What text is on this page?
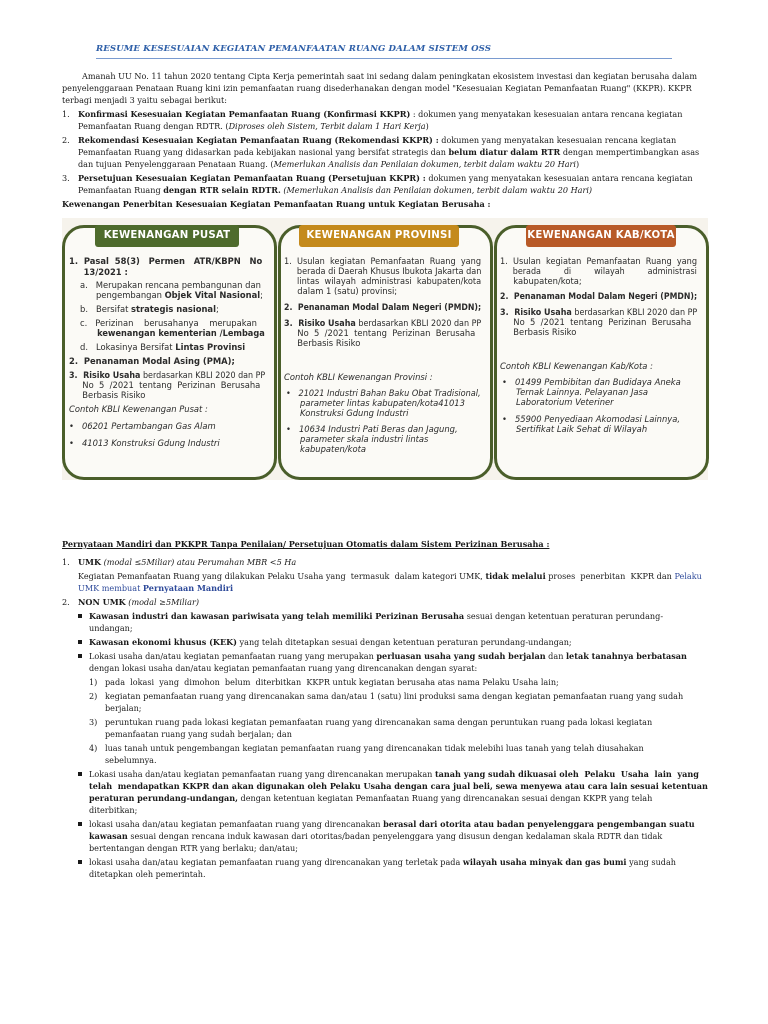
RESUME KESESUAIAN KEGIATAN PEMANFAATAN RUANG DALAM SISTEM OSS
Amanah UU No. 11 tahun 2020 tentang Cipta Kerja pemerintah saat ini sedang dalam peningkatan ekosistem investasi dan kegiatan berusaha dalam
penyelenggaraan Penataan Ruang kini izin pemanfaatan ruang disederhanakan dengan model "Kesesuaian Kegiatan Pemanfaatan Ruang" (KKPR). KKPR
terbagi menjadi 3 yaitu sebagai berikut:
1. Konfirmasi Kesesuaian Kegiatan Pemanfaatan Ruang (Konfirmasi KKPR) : dokumen yang menyatakan kesesuaian antara rencana kegiatan
Pemanfaatan Ruang dengan RDTR. (Diproses oleh Sistem, Terbit dalam 1 Hari Kerja)
2. Rekomendasi Kesesuaian Kegiatan Pemanfaatan Ruang (Rekomendasi KKPR) : dokumen yang menyatakan kesesuaian rencana kegiatan
Pemanfaatan Ruang yang didasarkan pada kebijakan nasional yang bersifat strategis dan belum diatur dalam RTR dengan mempertimbangkan asas
dan tujuan Penyelenggaraan Penataan Ruang. (Memerlukan Analisis dan Penilaian dokumen, terbit dalam waktu 20 Hari)
3. Persetujuan Kesesuaian Kegiatan Pemanfaatan Ruang (Persetujuan KKPR) : dokumen yang menyatakan kesesuaian antara rencana kegiatan
Pemanfaatan Ruang dengan RTR selain RDTR. (Memerlukan Analisis dan Penilaian dokumen, terbit dalam waktu 20 Hari)
Kewenangan Penerbitan Kesesuaian Kegiatan Pemanfaatan Ruang untuk Kegiatan Berusaha :
KEWENANGAN PUSAT
1.  Pasal  58(3)   Permen   ATR/KBPN   No
13/2021 :
a.   Merupakan rencana pembangunan dan
pengembangan Objek Vital Nasional;
b.   Bersifat strategis nasional;
c.   Perizinan    berusahanya    merupakan
kewenangan kementerian /Lembaga
d.   Lokasinya Bersifat Lintas Provinsi
2.  Penanaman Modal Asing (PMA);
3.  Risiko Usaha berdasarkan KBLI 2020 dan PP
No  5  /2021  tentang  Perizinan  Berusaha
Berbasis Risiko
Contoh KBLI Kewenangan Pusat :
•   06201 Pertambangan Gas Alam
•   41013 Konstruksi Gdung Industri
KEWENANGAN PROVINSI
1.  Usulan  kegiatan  Pemanfaatan  Ruang  yang
berada di Daerah Khusus Ibukota Jakarta dan
lintas  wilayah  administrasi  kabupaten/kota
dalam 1 (satu) provinsi;
2.  Penanaman Modal Dalam Negeri (PMDN);
3.  Risiko Usaha berdasarkan KBLI 2020 dan PP
No  5  /2021  tentang  Perizinan  Berusaha
Berbasis Risiko
Contoh KBLI Kewenangan Provinsi :
•   21021 Industri Bahan Baku Obat Tradisional,
parameter lintas kabupaten/kota41013
Konstruksi Gdung Industri
•   10634 Industri Pati Beras dan Jagung,
parameter skala industri lintas
kabupaten/kota
KEWENANGAN KAB/KOTA
1.  Usulan  kegiatan  Pemanfaatan  Ruang  yang
berada         di         wilayah         administrasi
kabupaten/kota;
2.  Penanaman Modal Dalam Negeri (PMDN);
3.  Risiko Usaha berdasarkan KBLI 2020 dan PP
No  5  /2021  tentang  Perizinan  Berusaha
Berbasis Risiko
Contoh KBLI Kewenangan Kab/Kota :
•   01499 Pembibitan dan Budidaya Aneka
Ternak Lainnya. Pelayanan Jasa
Laboratorium Veteriner
•   55900 Penyediaan Akomodasi Lainnya,
Sertifikat Laik Sehat di Wilayah
Pernyataan Mandiri dan PKKPR Tanpa Penilaian/ Persetujuan Otomatis dalam Sistem Perizinan Berusaha :
1. UMK (modal ≤5Miliar) atau Perumahan MBR <5 Ha
Kegiatan Pemanfaatan Ruang yang dilakukan Pelaku Usaha yang  termasuk  dalam kategori UMK, tidak melalui proses  penerbitan  KKPR dan Pelaku
UMK membuat Pernyataan Mandiri
2. NON UMK (modal ≥5Miliar)
Kawasan industri dan kawasan pariwisata yang telah memiliki Perizinan Berusaha sesuai dengan ketentuan peraturan perundang-
undangan;
Kawasan ekonomi khusus (KEK) yang telah ditetapkan sesuai dengan ketentuan peraturan perundang-undangan;
Lokasi usaha dan/atau kegiatan pemanfaatan ruang yang merupakan perluasan usaha yang sudah berjalan dan letak tanahnya berbatasan
dengan lokasi usaha dan/atau kegiatan pemanfaatan ruang yang direncanakan dengan syarat:
1) pada  lokasi  yang  dimohon  belum  diterbitkan  KKPR untuk kegiatan berusaha atas nama Pelaku Usaha lain;
2) kegiatan pemanfaatan ruang yang direncanakan sama dan/atau 1 (satu) lini produksi sama dengan kegiatan pemanfaatan ruang yang sudah
berjalan;
3) peruntukan ruang pada lokasi kegiatan pemanfaatan ruang yang direncanakan sama dengan peruntukan ruang pada lokasi kegiatan
pemanfaatan ruang yang sudah berjalan; dan
4) luas tanah untuk pengembangan kegiatan pemanfaatan ruang yang direncanakan tidak melebihi luas tanah yang telah diusahakan
sebelumnya.
Lokasi usaha dan/atau kegiatan pemanfaatan ruang yang direncanakan merupakan tanah yang sudah dikuasai oleh  Pelaku  Usaha  lain  yang
telah  mendapatkan KKPR dan akan digunakan oleh Pelaku Usaha dengan cara jual beli, sewa menyewa atau cara lain sesuai ketentuan
peraturan perundang-undangan, dengan ketentuan kegiatan Pemanfaatan Ruang yang direncanakan sesuai dengan KKPR yang telah
diterbitkan;
lokasi usaha dan/atau kegiatan pemanfaatan ruang yang direncanakan berasal dari otorita atau badan penyelenggara pengembangan suatu
kawasan sesuai dengan rencana induk kawasan dari otoritas/badan penyelenggara yang disusun dengan kedalaman skala RDTR dan tidak
bertentangan dengan RTR yang berlaku; dan/atau;
lokasi usaha dan/atau kegiatan pemanfaatan ruang yang direncanakan yang terletak pada wilayah usaha minyak dan gas bumi yang sudah
ditetapkan oleh pemerintah.
